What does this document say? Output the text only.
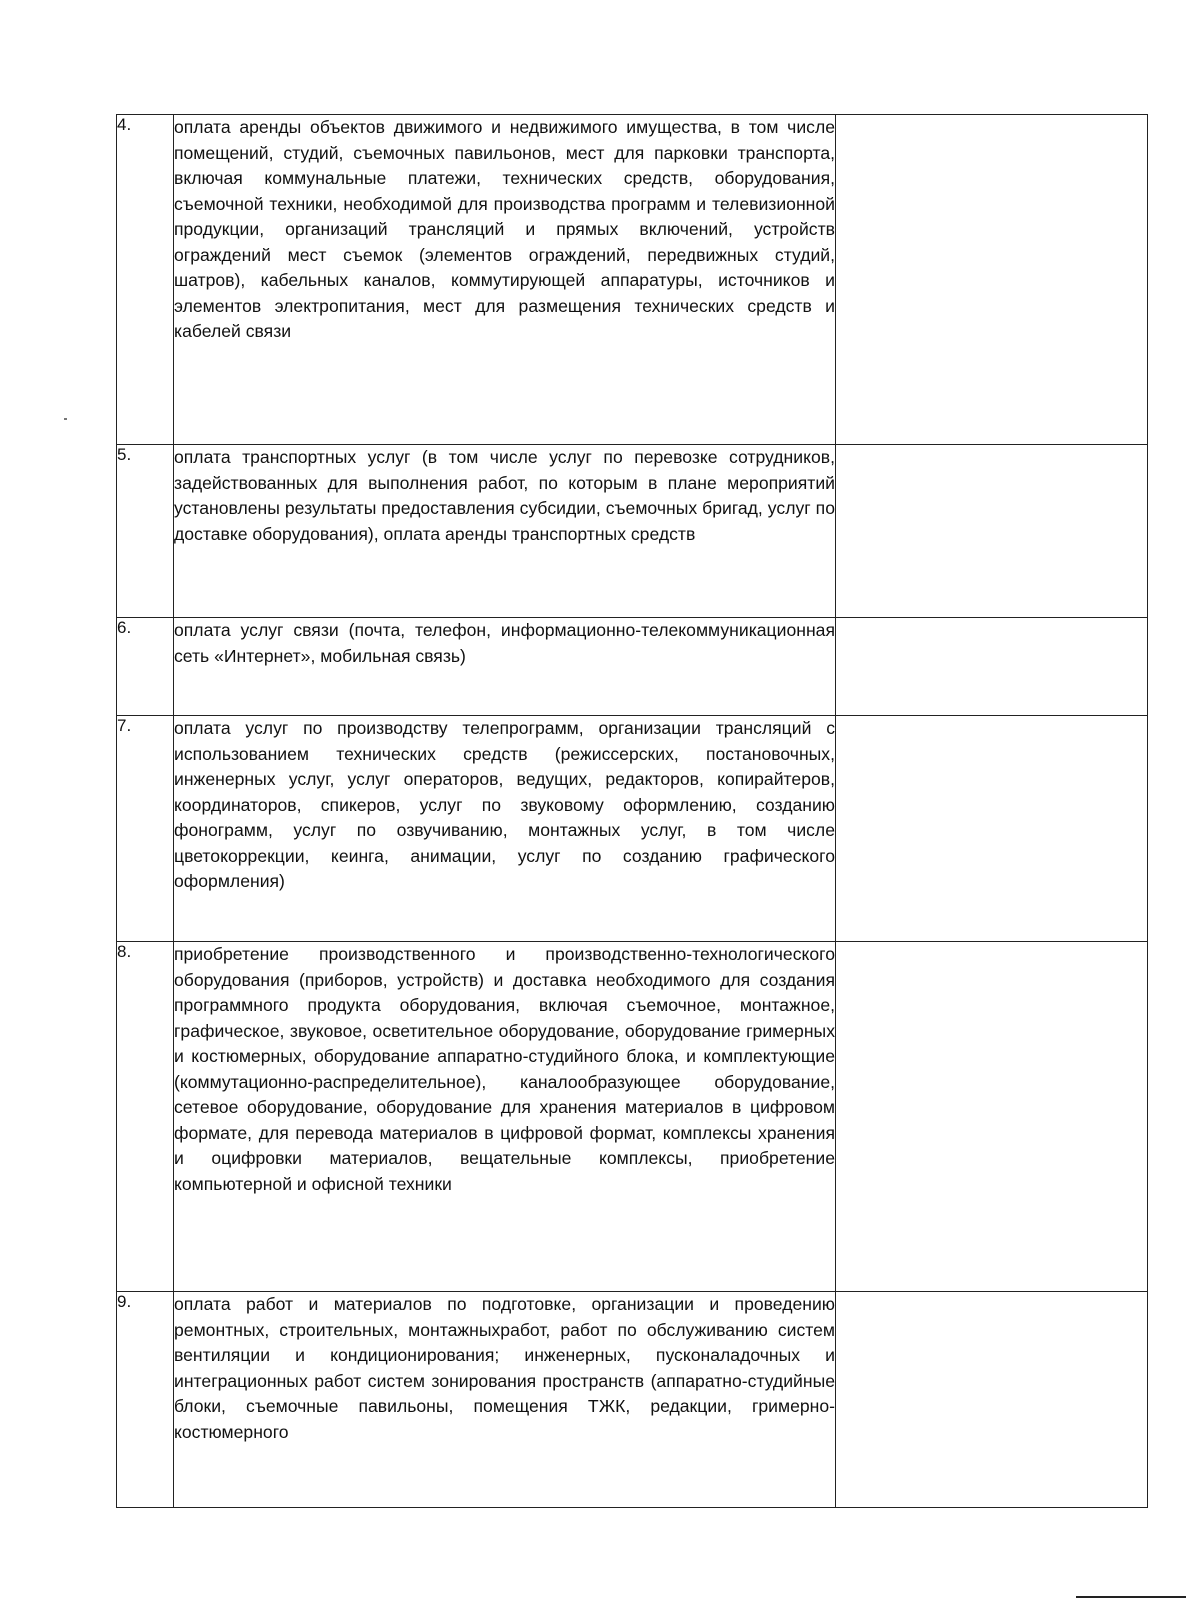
4.	оплата аренды объектов движимого и недвижимого имущества, в том числе помещений, студий, съемочных павильонов, мест для парковки транспорта, включая коммунальные платежи, технических средств, оборудования, съемочной техники, необходимой для производства программ и телевизионной продукции, организаций трансляций и прямых включений, устройств ограждений мест съемок (элементов ограждений, передвижных студий, шатров), кабельных каналов, коммутирующей аппаратуры, источников и элементов электропитания, мест для размещения технических средств и кабелей связи	
5.	оплата транспортных услуг (в том числе услуг по перевозке сотрудников, задействованных для выполнения работ, по которым в плане мероприятий установлены результаты предоставления субсидии, съемочных бригад, услуг по доставке оборудования), оплата аренды транспортных средств	
6.	оплата услуг связи (почта, телефон, информационно-телекоммуникационная сеть «Интернет», мобильная связь)	
7.	оплата услуг по производству телепрограмм, организации трансляций с использованием технических средств (режиссерских, постановочных, инженерных услуг, услуг операторов, ведущих, редакторов, копирайтеров, координаторов, спикеров, услуг по звуковому оформлению, созданию фонограмм, услуг по озвучиванию, монтажных услуг, в том числе цветокоррекции, кеинга, анимации, услуг по созданию графического оформления)	
8.	приобретение производственного и производственно-технологического оборудования (приборов, устройств) и доставка необходимого для создания программного продукта оборудования, включая съемочное, монтажное, графическое, звуковое, осветительное оборудование, оборудование гримерных и костюмерных, оборудование аппаратно-студийного блока, и комплектующие (коммутационно-распределительное), каналообразующее оборудование, сетевое оборудование, оборудование для хранения материалов в цифровом формате, для перевода материалов в цифровой формат, комплексы хранения и оцифровки материалов, вещательные комплексы, приобретение компьютерной и офисной техники	
9.	оплата работ и материалов по подготовке, организации и проведению ремонтных, строительных, монтажныхработ, работ по обслуживанию систем вентиляции и кондиционирования; инженерных, пусконаладочных и интеграционных работ систем зонирования пространств (аппаратно-студийные блоки, съемочные павильоны, помещения ТЖК, редакции, гримерно-костюмерного	
